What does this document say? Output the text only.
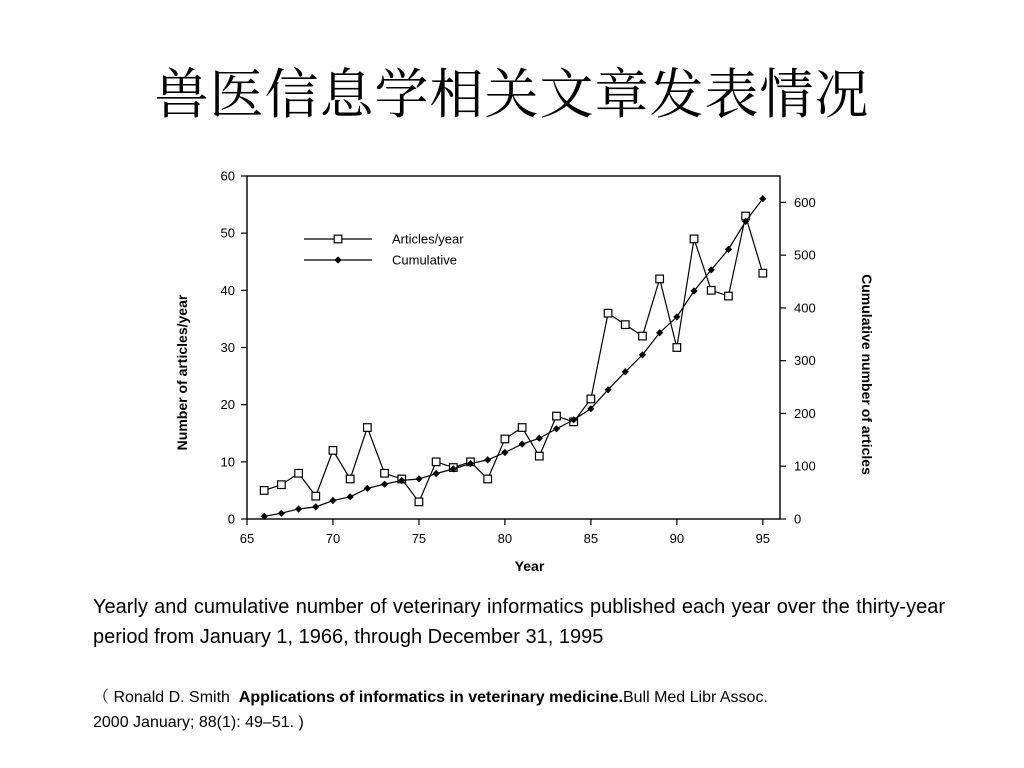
兽医信息学相关文章发表情况
65	70	75	80	85	90	95
0
10
20
30
40
50
60
0
100
200
300
400
500
600
Year
Number of articles/year	Cumulative number of articles
Articles/year
Cumulative
Yearly and cumulative number of veterinary informatics published each year over the thirty-year period from January 1, 1966, through December 31, 1995
（ Ronald D. Smith Applications of informatics in veterinary medicine.Bull Med Libr Assoc.
2000 January; 88(1): 49–51. )
